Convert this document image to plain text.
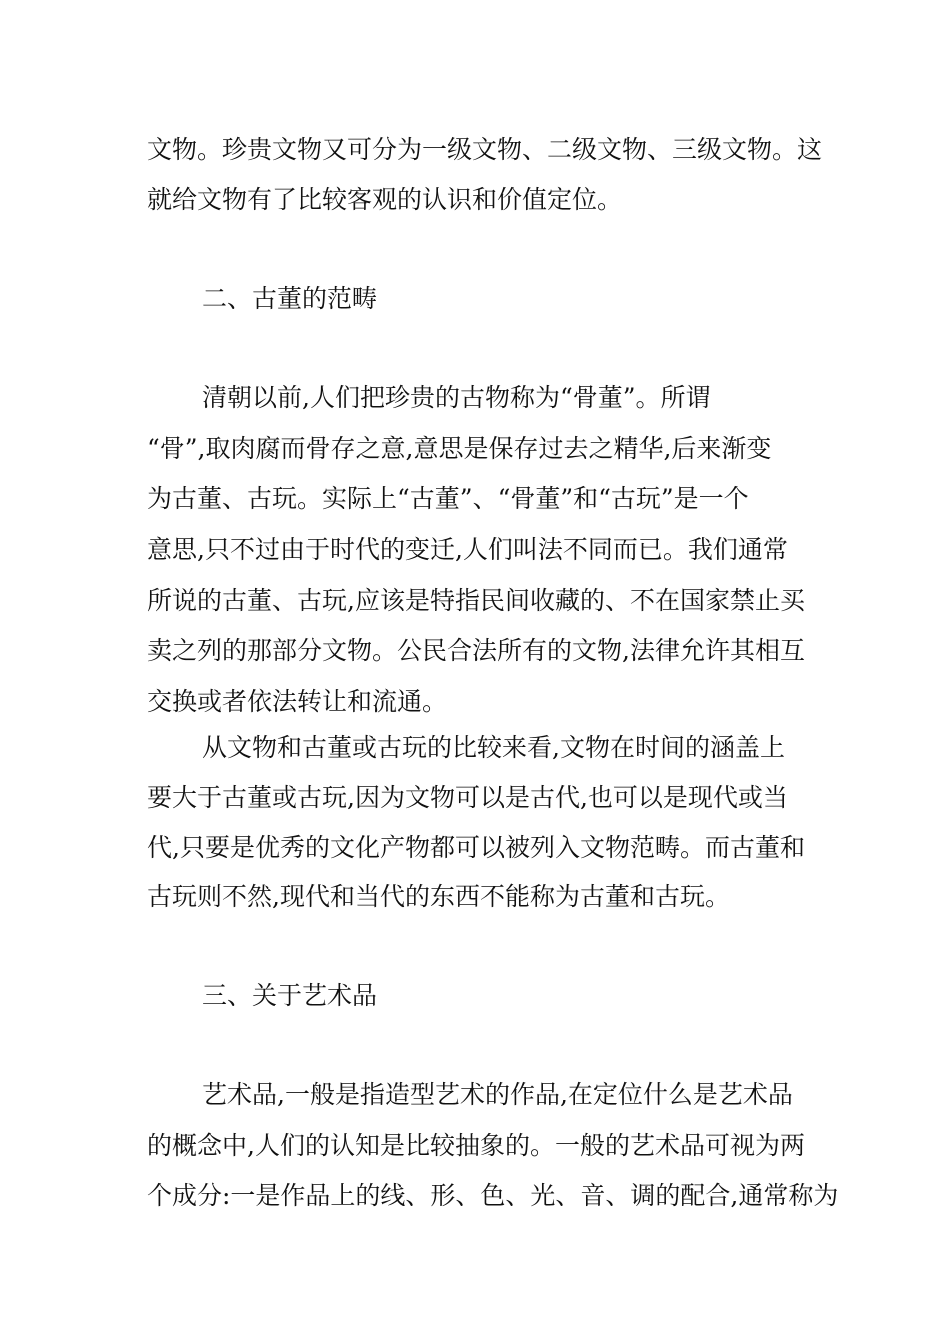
文物。珍贵文物又可分为一级文物、二级文物、三级文物。这
就给文物有了比较客观的认识和价值定位。
二、古董的范畴
清朝以前,人们把珍贵的古物称为“骨董”。所谓
“骨”,取肉腐而骨存之意,意思是保存过去之精华,后来渐变
为古董、古玩。实际上“古董”、“骨董”和“古玩”是一个
意思,只不过由于时代的变迁,人们叫法不同而已。我们通常
所说的古董、古玩,应该是特指民间收藏的、不在国家禁止买
卖之列的那部分文物。公民合法所有的文物,法律允许其相互
交换或者依法转让和流通。
从文物和古董或古玩的比较来看,文物在时间的涵盖上
要大于古董或古玩,因为文物可以是古代,也可以是现代或当
代,只要是优秀的文化产物都可以被列入文物范畴。而古董和
古玩则不然,现代和当代的东西不能称为古董和古玩。
三、关于艺术品
艺术品,一般是指造型艺术的作品,在定位什么是艺术品
的概念中,人们的认知是比较抽象的。一般的艺术品可视为两
个成分:一是作品上的线、形、色、光、音、调的配合,通常称为
